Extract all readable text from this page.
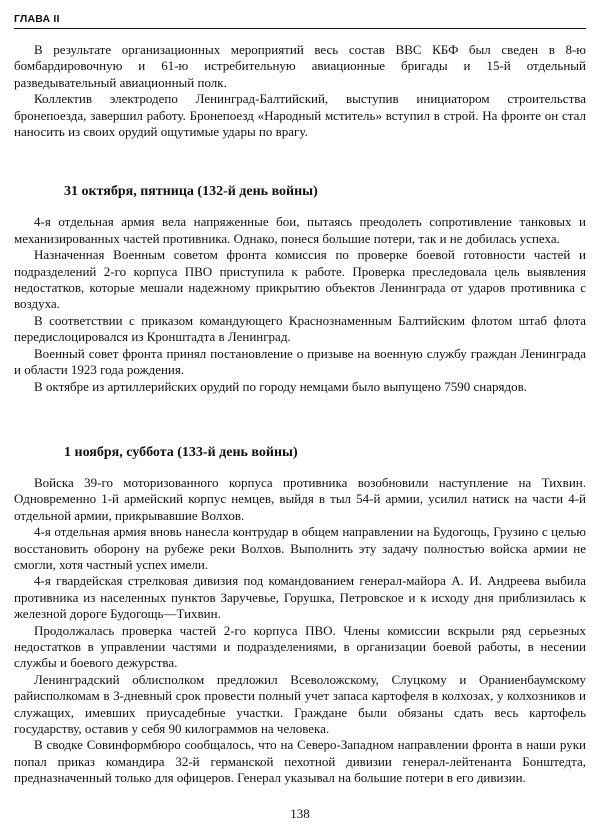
ГЛАВА II

В результате организационных мероприятий весь состав ВВС КБФ был сведен в 8-ю бомбардировочную и 61-ю истребительную авиационные бригады и 15-й отдельный разведывательный авиационный полк.

Коллектив электродепо Ленинград-Балтийский, выступив инициатором строительства бронепоезда, завершил работу. Бронепоезд «Народный мститель» вступил в строй. На фронте он стал наносить из своих орудий ощутимые удары по врагу.

31 октября, пятница (132-й день войны)

4-я отдельная армия вела напряженные бои, пытаясь преодолеть сопротивление танковых и механизированных частей противника. Однако, понеся большие потери, так и не добилась успеха.

Назначенная Военным советом фронта комиссия по проверке боевой готовности частей и подразделений 2-го корпуса ПВО приступила к работе. Проверка преследовала цель выявления недостатков, которые мешали надежному прикрытию объектов Ленинграда от ударов противника с воздуха.

В соответствии с приказом командующего Краснознаменным Балтийским флотом штаб флота передислоцировался из Кронштадта в Ленинград.

Военный совет фронта принял постановление о призыве на военную службу граждан Ленинграда и области 1923 года рождения.

В октябре из артиллерийских орудий по городу немцами было выпущено 7590 снарядов.

1 ноября, суббота (133-й день войны)

Войска 39-го моторизованного корпуса противника возобновили наступление на Тихвин. Одновременно 1-й армейский корпус немцев, выйдя в тыл 54-й армии, усилил натиск на части 4-й отдельной армии, прикрывавшие Волхов.

4-я отдельная армия вновь нанесла контрудар в общем направлении на Будогощь, Грузино с целью восстановить оборону на рубеже реки Волхов. Выполнить эту задачу полностью войска армии не смогли, хотя частный успех имели.

4-я гвардейская стрелковая дивизия под командованием генерал-майора А. И. Андреева выбила противника из населенных пунктов Заручевье, Горушка, Петровское и к исходу дня приблизилась к железной дороге Будогощь—Тихвин.

Продолжалась проверка частей 2-го корпуса ПВО. Члены комиссии вскрыли ряд серьезных недостатков в управлении частями и подразделениями, в организации боевой работы, в несении службы и боевого дежурства.

Ленинградский облисполком предложил Всеволожскому, Слуцкому и Ораниенбаумскому райисполкомам в 3-дневный срок провести полный учет запаса картофеля в колхозах, у колхозников и служащих, имевших приусадебные участки. Граждане были обязаны сдать весь картофель государству, оставив у себя 90 килограммов на человека.

В сводке Совинформбюро сообщалось, что на Северо-Западном направлении фронта в наши руки попал приказ командира 32-й германской пехотной дивизии генерал-лейтенанта Бонштедта, предназначенный только для офицеров. Генерал указывал на большие потери в его дивизии.

138
